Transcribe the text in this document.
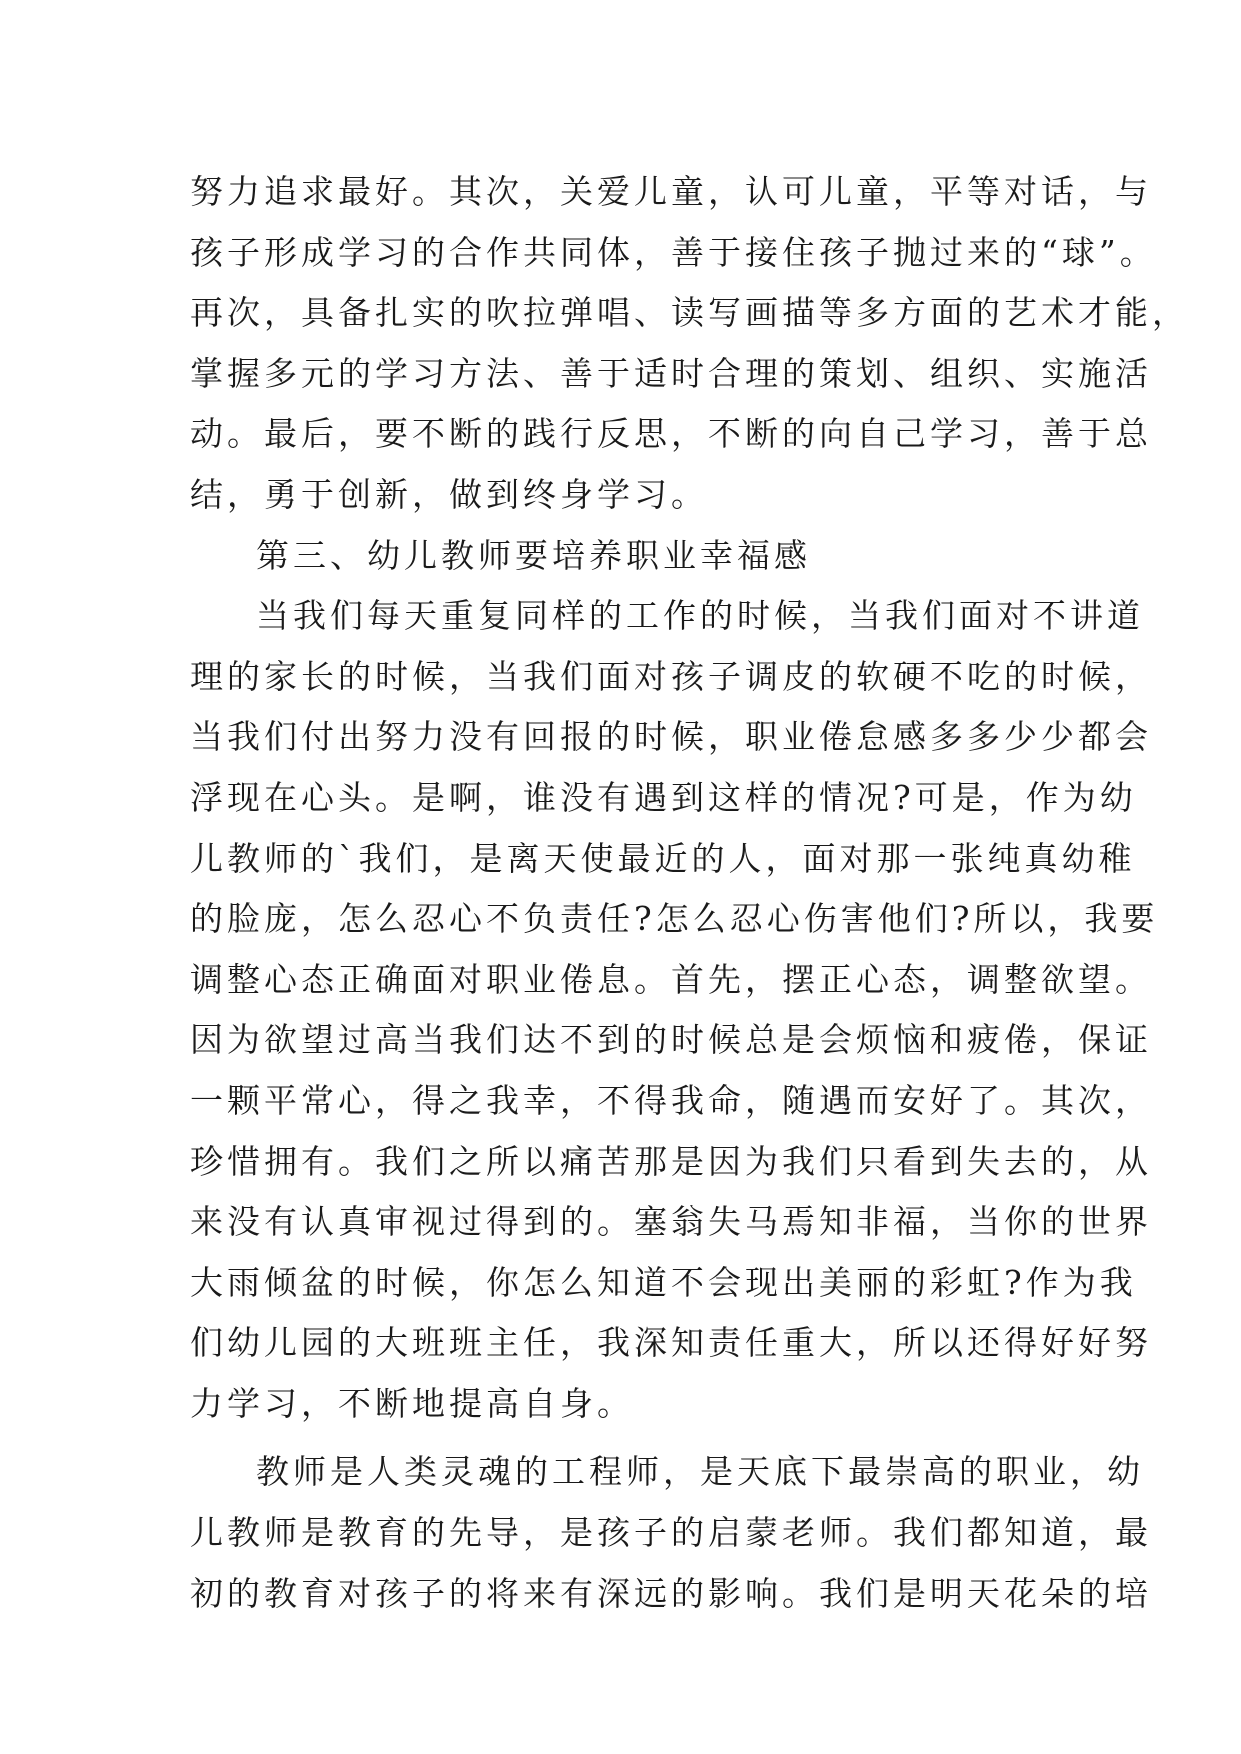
努力追求最好。其次，关爱儿童，认可儿童，平等对话，与
孩子形成学习的合作共同体，善于接住孩子抛过来的“球”。
再次，具备扎实的吹拉弹唱、读写画描等多方面的艺术才能，
掌握多元的学习方法、善于适时合理的策划、组织、实施活
动。最后，要不断的践行反思，不断的向自己学习，善于总
结，勇于创新，做到终身学习。
第三、幼儿教师要培养职业幸福感
当我们每天重复同样的工作的时候，当我们面对不讲道
理的家长的时候，当我们面对孩子调皮的软硬不吃的时候，
当我们付出努力没有回报的时候，职业倦怠感多多少少都会
浮现在心头。是啊，谁没有遇到这样的情况?可是，作为幼
儿教师的`我们，是离天使最近的人，面对那一张纯真幼稚
的脸庞，怎么忍心不负责任?怎么忍心伤害他们?所以，我要
调整心态正确面对职业倦息。首先，摆正心态，调整欲望。
因为欲望过高当我们达不到的时候总是会烦恼和疲倦，保证
一颗平常心，得之我幸，不得我命，随遇而安好了。其次，
珍惜拥有。我们之所以痛苦那是因为我们只看到失去的，从
来没有认真审视过得到的。塞翁失马焉知非福，当你的世界
大雨倾盆的时候，你怎么知道不会现出美丽的彩虹?作为我
们幼儿园的大班班主任，我深知责任重大，所以还得好好努
力学习，不断地提高自身。
教师是人类灵魂的工程师，是天底下最崇高的职业，幼
儿教师是教育的先导，是孩子的启蒙老师。我们都知道，最
初的教育对孩子的将来有深远的影响。我们是明天花朵的培
